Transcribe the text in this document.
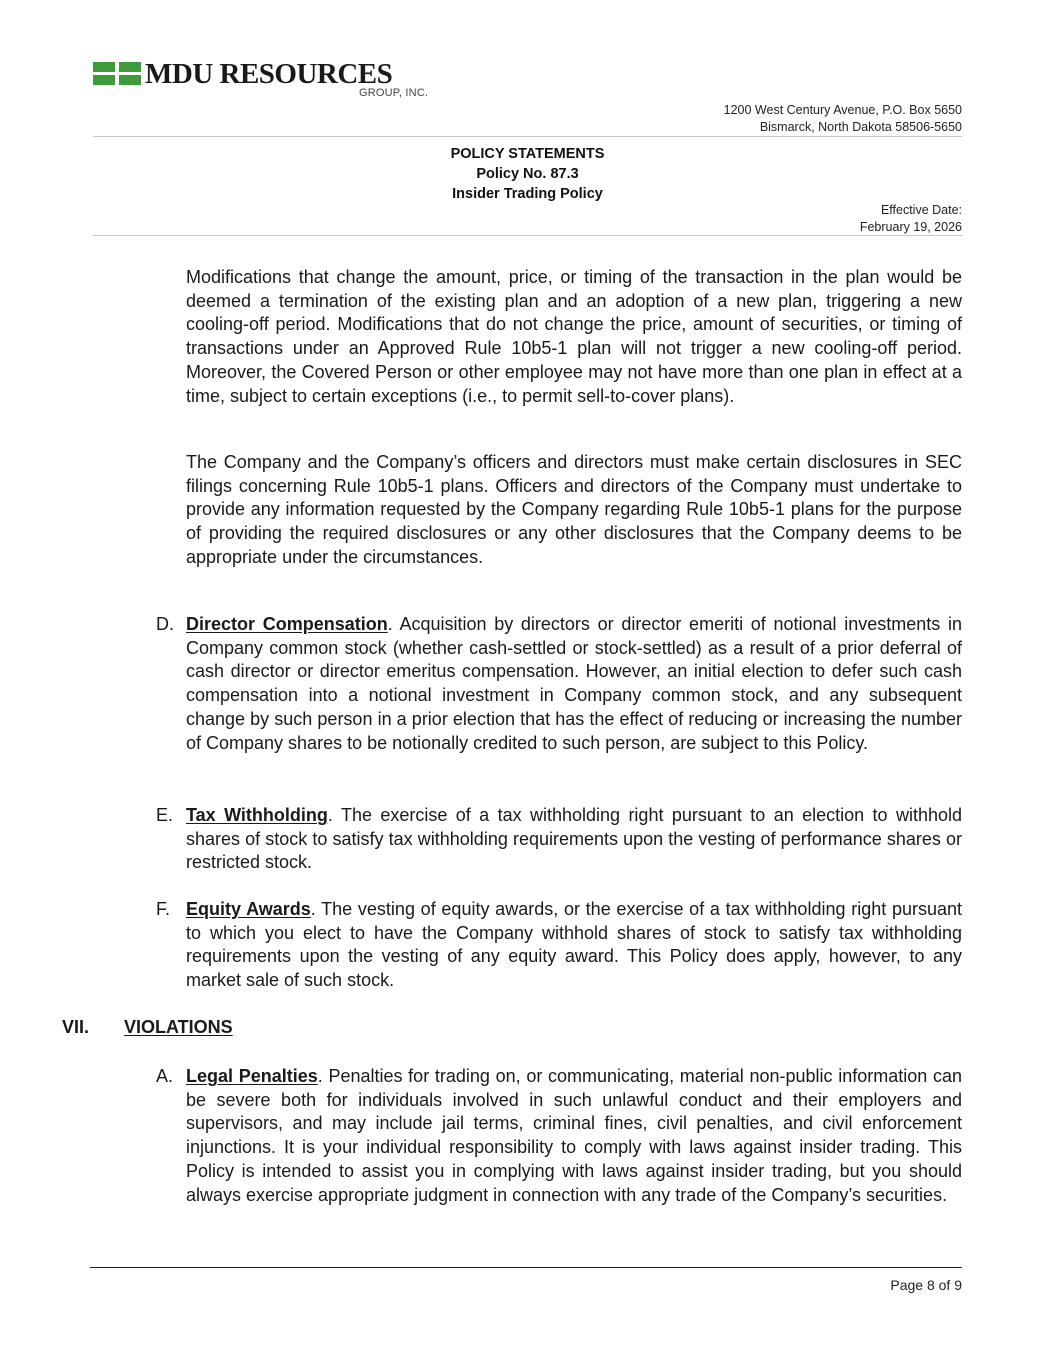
MDU RESOURCES
GROUP, INC.
1200 West Century Avenue, P.O. Box 5650
Bismarck, North Dakota 58506-5650
POLICY STATEMENTS
Policy No. 87.3
Insider Trading Policy
Effective Date:
February 19, 2026
Modifications that change the amount, price, or timing of the transaction in the plan would be deemed a termination of the existing plan and an adoption of a new plan, triggering a new cooling-off period. Modifications that do not change the price, amount of securities, or timing of transactions under an Approved Rule 10b5-1 plan will not trigger a new cooling-off period. Moreover, the Covered Person or other employee may not have more than one plan in effect at a time, subject to certain exceptions (i.e., to permit sell-to-cover plans).
The Company and the Company’s officers and directors must make certain disclosures in SEC filings concerning Rule 10b5-1 plans. Officers and directors of the Company must undertake to provide any information requested by the Company regarding Rule 10b5-1 plans for the purpose of providing the required disclosures or any other disclosures that the Company deems to be appropriate under the circumstances.
D. Director Compensation. Acquisition by directors or director emeriti of notional investments in Company common stock (whether cash-settled or stock-settled) as a result of a prior deferral of cash director or director emeritus compensation. However, an initial election to defer such cash compensation into a notional investment in Company common stock, and any subsequent change by such person in a prior election that has the effect of reducing or increasing the number of Company shares to be notionally credited to such person, are subject to this Policy.
E. Tax Withholding. The exercise of a tax withholding right pursuant to an election to withhold shares of stock to satisfy tax withholding requirements upon the vesting of performance shares or restricted stock.
F. Equity Awards. The vesting of equity awards, or the exercise of a tax withholding right pursuant to which you elect to have the Company withhold shares of stock to satisfy tax withholding requirements upon the vesting of any equity award. This Policy does apply, however, to any market sale of such stock.
VII. VIOLATIONS
A. Legal Penalties. Penalties for trading on, or communicating, material non-public information can be severe both for individuals involved in such unlawful conduct and their employers and supervisors, and may include jail terms, criminal fines, civil penalties, and civil enforcement injunctions. It is your individual responsibility to comply with laws against insider trading. This Policy is intended to assist you in complying with laws against insider trading, but you should always exercise appropriate judgment in connection with any trade of the Company’s securities.
Page 8 of 9
